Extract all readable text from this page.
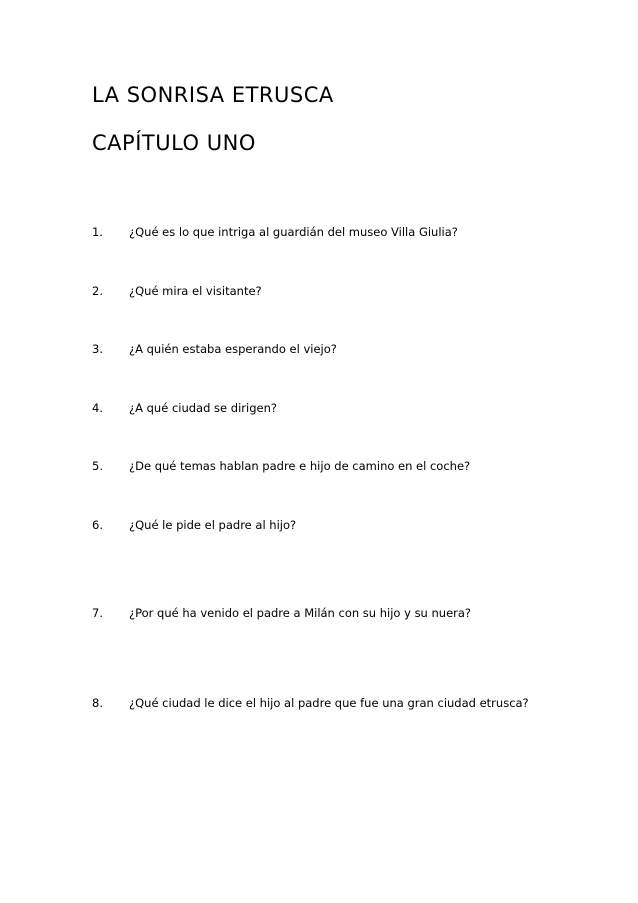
LA SONRISA ETRUSCA
CAPÍTULO UNO
1. ¿Qué es lo que intriga al guardián del museo Villa Giulia?
2. ¿Qué mira el visitante?
3. ¿A quién estaba esperando el viejo?
4. ¿A qué ciudad se dirigen?
5. ¿De qué temas hablan padre e hijo de camino en el coche?
6. ¿Qué le pide el padre al hijo?
7. ¿Por qué ha venido el padre a Milán con su hijo y su nuera?
8. ¿Qué ciudad le dice el hijo al padre que fue una gran ciudad etrusca?
